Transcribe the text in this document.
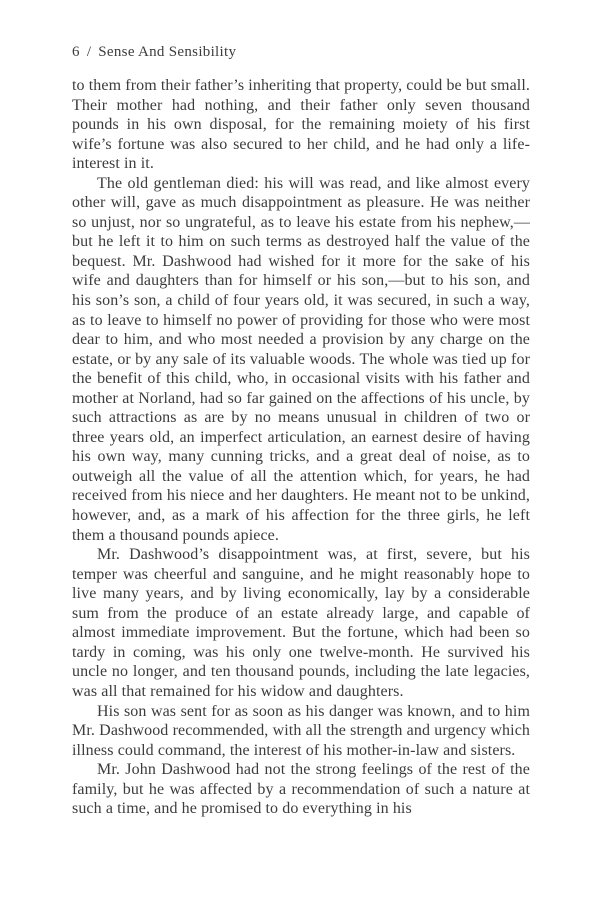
6 / Sense And Sensibility

to them from their father’s inheriting that property, could be but small. Their mother had nothing, and their father only seven thousand pounds in his own disposal, for the remaining moiety of his first wife’s fortune was also secured to her child, and he had only a life-interest in it.

The old gentleman died: his will was read, and like almost every other will, gave as much disappointment as pleasure. He was neither so unjust, nor so ungrateful, as to leave his estate from his nephew,—but he left it to him on such terms as destroyed half the value of the bequest. Mr. Dashwood had wished for it more for the sake of his wife and daughters than for himself or his son,—but to his son, and his son’s son, a child of four years old, it was secured, in such a way, as to leave to himself no power of providing for those who were most dear to him, and who most needed a provision by any charge on the estate, or by any sale of its valuable woods. The whole was tied up for the benefit of this child, who, in occasional visits with his father and mother at Norland, had so far gained on the affections of his uncle, by such attractions as are by no means unusual in children of two or three years old, an imperfect articulation, an earnest desire of having his own way, many cunning tricks, and a great deal of noise, as to outweigh all the value of all the attention which, for years, he had received from his niece and her daughters. He meant not to be unkind, however, and, as a mark of his affection for the three girls, he left them a thousand pounds apiece.

Mr. Dashwood’s disappointment was, at first, severe, but his temper was cheerful and sanguine, and he might reasonably hope to live many years, and by living economically, lay by a considerable sum from the produce of an estate already large, and capable of almost immediate improvement. But the fortune, which had been so tardy in coming, was his only one twelve-month. He survived his uncle no longer, and ten thousand pounds, including the late legacies, was all that remained for his widow and daughters.

His son was sent for as soon as his danger was known, and to him Mr. Dashwood recommended, with all the strength and urgency which illness could command, the interest of his mother-in-law and sisters.

Mr. John Dashwood had not the strong feelings of the rest of the family, but he was affected by a recommendation of such a nature at such a time, and he promised to do everything in his
